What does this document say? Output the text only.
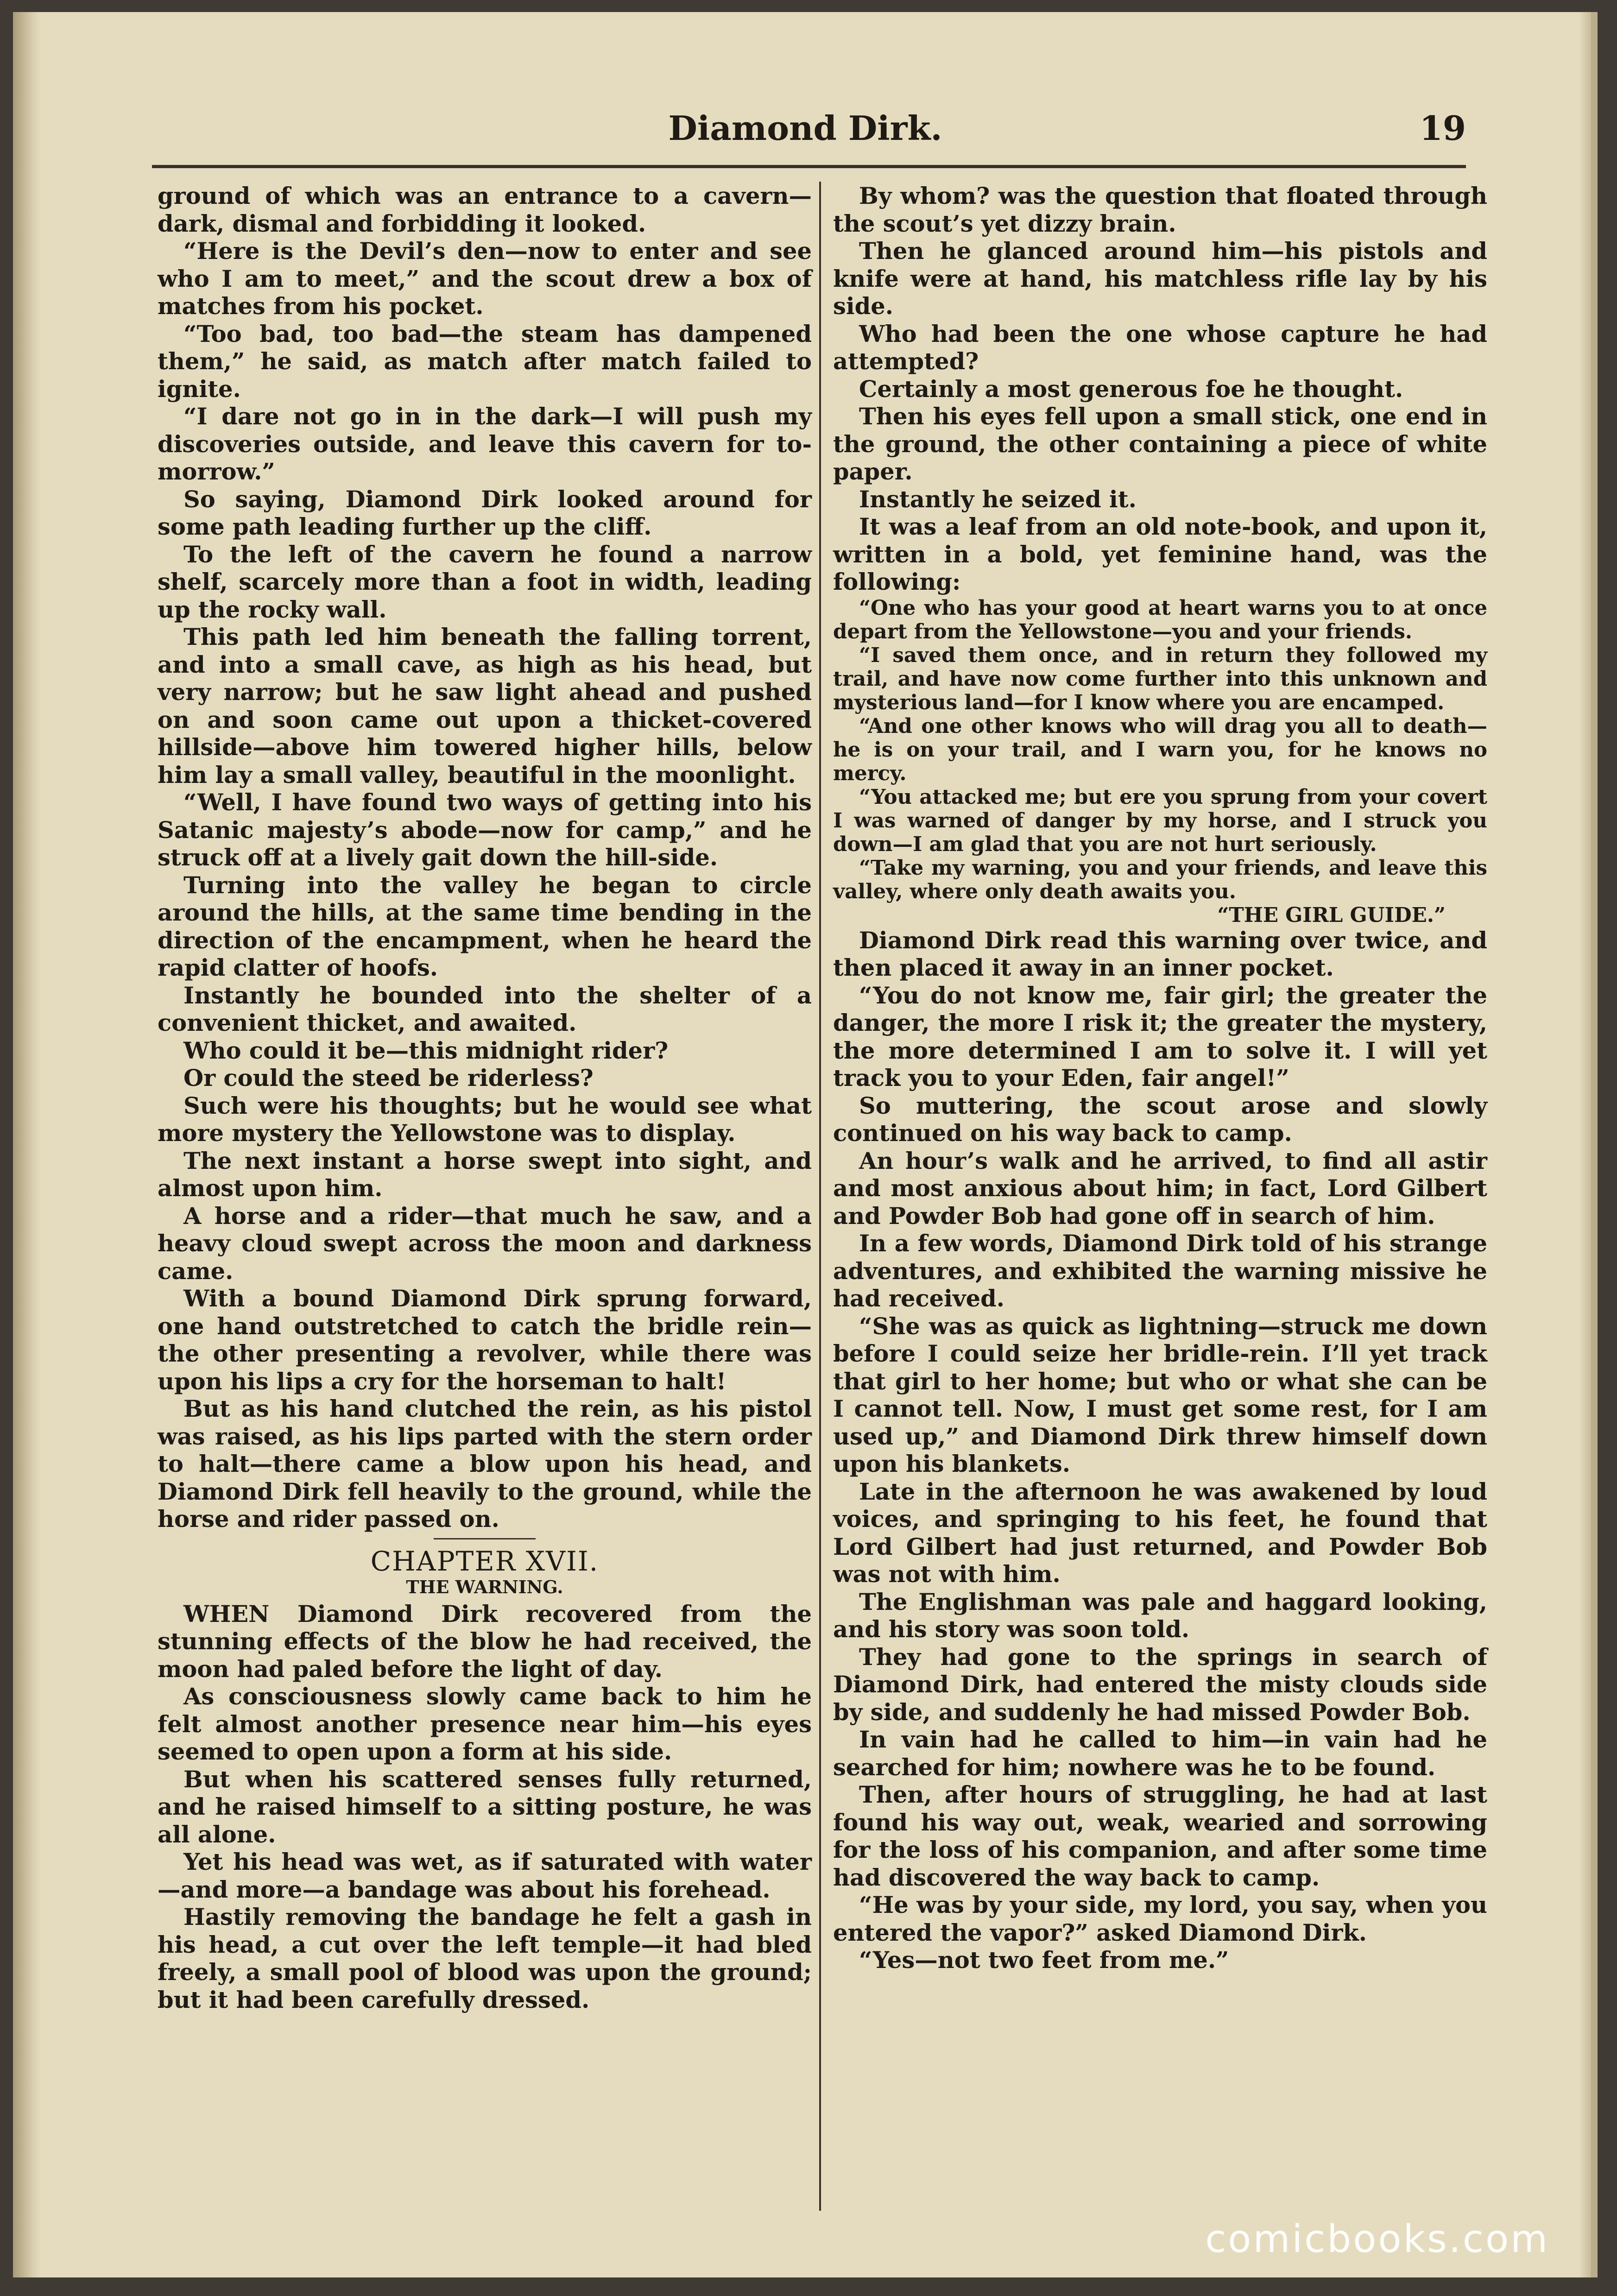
Diamond Dirk.	19

ground of which was an entrance to a cavern—dark, dismal and forbidding it looked.

“Here is the Devil’s den—now to enter and see who I am to meet,” and the scout drew a box of matches from his pocket.

“Too bad, too bad—the steam has dampened them,” he said, as match after match failed to ignite.

“I dare not go in in the dark—I will push my discoveries outside, and leave this cavern for to-morrow.”

So saying, Diamond Dirk looked around for some path leading further up the cliff.

To the left of the cavern he found a narrow shelf, scarcely more than a foot in width, leading up the rocky wall.

This path led him beneath the falling torrent, and into a small cave, as high as his head, but very narrow; but he saw light ahead and pushed on and soon came out upon a thicket-covered hillside—above him towered higher hills, below him lay a small valley, beautiful in the moonlight.

“Well, I have found two ways of getting into his Satanic majesty’s abode—now for camp,” and he struck off at a lively gait down the hill-side.

Turning into the valley he began to circle around the hills, at the same time bending in the direction of the encampment, when he heard the rapid clatter of hoofs.

Instantly he bounded into the shelter of a convenient thicket, and awaited.

Who could it be—this midnight rider?

Or could the steed be riderless?

Such were his thoughts; but he would see what more mystery the Yellowstone was to display.

The next instant a horse swept into sight, and almost upon him.

A horse and a rider—that much he saw, and a heavy cloud swept across the moon and darkness came.

With a bound Diamond Dirk sprung forward, one hand outstretched to catch the bridle rein—the other presenting a revolver, while there was upon his lips a cry for the horseman to halt!

But as his hand clutched the rein, as his pistol was raised, as his lips parted with the stern order to halt—there came a blow upon his head, and Diamond Dirk fell heavily to the ground, while the horse and rider passed on.

CHAPTER XVII.
THE WARNING.

WHEN Diamond Dirk recovered from the stunning effects of the blow he had received, the moon had paled before the light of day.

As consciousness slowly came back to him he felt almost another presence near him—his eyes seemed to open upon a form at his side.

But when his scattered senses fully returned, and he raised himself to a sitting posture, he was all alone.

Yet his head was wet, as if saturated with water—and more—a bandage was about his forehead.

Hastily removing the bandage he felt a gash in his head, a cut over the left temple—it had bled freely, a small pool of blood was upon the ground; but it had been carefully dressed.

By whom? was the question that floated through the scout’s yet dizzy brain.

Then he glanced around him—his pistols and knife were at hand, his matchless rifle lay by his side.

Who had been the one whose capture he had attempted?

Certainly a most generous foe he thought.

Then his eyes fell upon a small stick, one end in the ground, the other containing a piece of white paper.

Instantly he seized it.

It was a leaf from an old note-book, and upon it, written in a bold, yet feminine hand, was the following:

“One who has your good at heart warns you to at once depart from the Yellowstone—you and your friends.

“I saved them once, and in return they followed my trail, and have now come further into this unknown and mysterious land—for I know where you are encamped.

“And one other knows who will drag you all to death—he is on your trail, and I warn you, for he knows no mercy.

“You attacked me; but ere you sprung from your covert I was warned of danger by my horse, and I struck you down—I am glad that you are not hurt seriously.

“Take my warning, you and your friends, and leave this valley, where only death awaits you.

“THE GIRL GUIDE.”

Diamond Dirk read this warning over twice, and then placed it away in an inner pocket.

“You do not know me, fair girl; the greater the danger, the more I risk it; the greater the mystery, the more determined I am to solve it. I will yet track you to your Eden, fair angel!”

So muttering, the scout arose and slowly continued on his way back to camp.

An hour’s walk and he arrived, to find all astir and most anxious about him; in fact, Lord Gilbert and Powder Bob had gone off in search of him.

In a few words, Diamond Dirk told of his strange adventures, and exhibited the warning missive he had received.

“She was as quick as lightning—struck me down before I could seize her bridle-rein. I’ll yet track that girl to her home; but who or what she can be I cannot tell. Now, I must get some rest, for I am used up,” and Diamond Dirk threw himself down upon his blankets.

Late in the afternoon he was awakened by loud voices, and springing to his feet, he found that Lord Gilbert had just returned, and Powder Bob was not with him.

The Englishman was pale and haggard looking, and his story was soon told.

They had gone to the springs in search of Diamond Dirk, had entered the misty clouds side by side, and suddenly he had missed Powder Bob.

In vain had he called to him—in vain had he searched for him; nowhere was he to be found.

Then, after hours of struggling, he had at last found his way out, weak, wearied and sorrowing for the loss of his companion, and after some time had discovered the way back to camp.

“He was by your side, my lord, you say, when you entered the vapor?” asked Diamond Dirk.

“Yes—not two feet from me.”

comicbooks.com
